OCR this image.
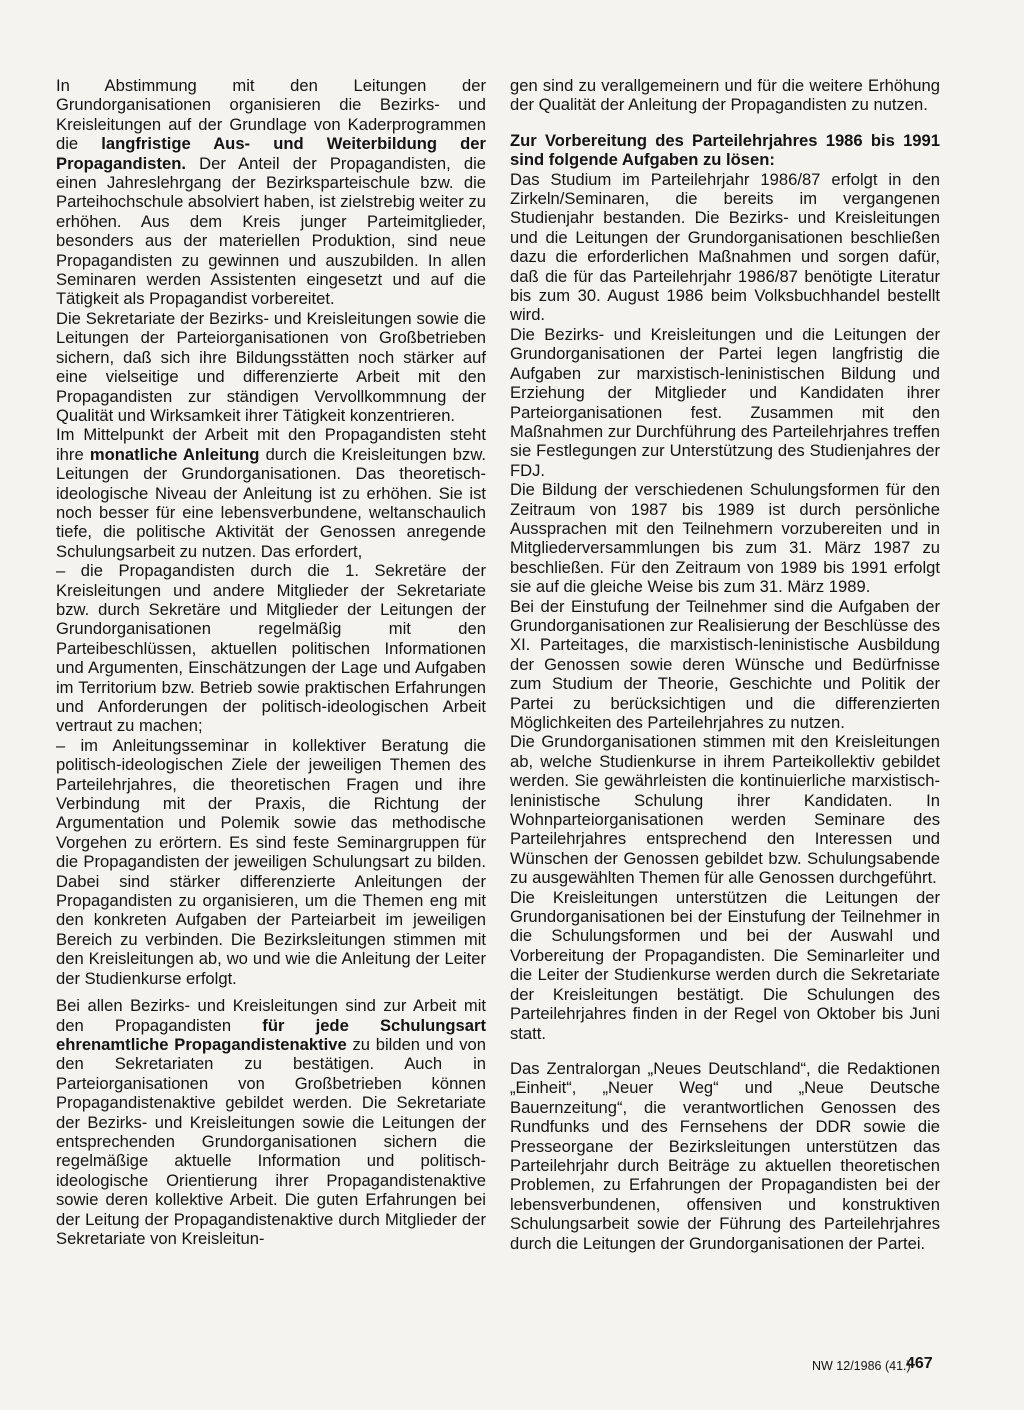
In Abstimmung mit den Leitungen der Grundorganisationen organisieren die Bezirks- und Kreisleitungen auf der Grundlage von Kaderprogrammen die langfristige Aus- und Weiterbildung der Propagandisten. Der Anteil der Propagandisten, die einen Jahreslehrgang der Bezirksparteischule bzw. die Parteihochschule absolviert haben, ist zielstrebig weiter zu erhöhen. Aus dem Kreis junger Parteimitglieder, besonders aus der materiellen Produktion, sind neue Propagandisten zu gewinnen und auszubilden. In allen Seminaren werden Assistenten eingesetzt und auf die Tätigkeit als Propagandist vorbereitet.

Die Sekretariate der Bezirks- und Kreisleitungen sowie die Leitungen der Parteiorganisationen von Großbetrieben sichern, daß sich ihre Bildungsstätten noch stärker auf eine vielseitige und differenzierte Arbeit mit den Propagandisten zur ständigen Vervollkommnung der Qualität und Wirksamkeit ihrer Tätigkeit konzentrieren.

Im Mittelpunkt der Arbeit mit den Propagandisten steht ihre monatliche Anleitung durch die Kreisleitungen bzw. Leitungen der Grundorganisationen. Das theoretisch-ideologische Niveau der Anleitung ist zu erhöhen. Sie ist noch besser für eine lebensverbundene, weltanschaulich tiefe, die politische Aktivität der Genossen anregende Schulungsarbeit zu nutzen. Das erfordert,

– die Propagandisten durch die 1. Sekretäre der Kreisleitungen und andere Mitglieder der Sekretariate bzw. durch Sekretäre und Mitglieder der Leitungen der Grundorganisationen regelmäßig mit den Parteibeschlüssen, aktuellen politischen Informationen und Argumenten, Einschätzungen der Lage und Aufgaben im Territorium bzw. Betrieb sowie praktischen Erfahrungen und Anforderungen der politisch-ideologischen Arbeit vertraut zu machen;

– im Anleitungsseminar in kollektiver Beratung die politisch-ideologischen Ziele der jeweiligen Themen des Parteilehrjahres, die theoretischen Fragen und ihre Verbindung mit der Praxis, die Richtung der Argumentation und Polemik sowie das methodische Vorgehen zu erörtern. Es sind feste Seminargruppen für die Propagandisten der jeweiligen Schulungsart zu bilden. Dabei sind stärker differenzierte Anleitungen der Propagandisten zu organisieren, um die Themen eng mit den konkreten Aufgaben der Parteiarbeit im jeweiligen Bereich zu verbinden. Die Bezirksleitungen stimmen mit den Kreisleitungen ab, wo und wie die Anleitung der Leiter der Studienkurse erfolgt.

Bei allen Bezirks- und Kreisleitungen sind zur Arbeit mit den Propagandisten für jede Schulungsart ehrenamtliche Propagandistenaktive zu bilden und von den Sekretariaten zu bestätigen. Auch in Parteiorganisationen von Großbetrieben können Propagandistenaktive gebildet werden. Die Sekretariate der Bezirks- und Kreisleitungen sowie die Leitungen der entsprechenden Grundorganisationen sichern die regelmäßige aktuelle Information und politisch-ideologische Orientierung ihrer Propagandistenaktive sowie deren kollektive Arbeit. Die guten Erfahrungen bei der Leitung der Propagandistenaktive durch Mitglieder der Sekretariate von Kreisleitun-

gen sind zu verallgemeinern und für die weitere Erhöhung der Qualität der Anleitung der Propagandisten zu nutzen.

Zur Vorbereitung des Parteilehrjahres 1986 bis 1991 sind folgende Aufgaben zu lösen:

Das Studium im Parteilehrjahr 1986/87 erfolgt in den Zirkeln/Seminaren, die bereits im vergangenen Studienjahr bestanden. Die Bezirks- und Kreisleitungen und die Leitungen der Grundorganisationen beschließen dazu die erforderlichen Maßnahmen und sorgen dafür, daß die für das Parteilehrjahr 1986/87 benötigte Literatur bis zum 30. August 1986 beim Volksbuchhandel bestellt wird.

Die Bezirks- und Kreisleitungen und die Leitungen der Grundorganisationen der Partei legen langfristig die Aufgaben zur marxistisch-leninistischen Bildung und Erziehung der Mitglieder und Kandidaten ihrer Parteiorganisationen fest. Zusammen mit den Maßnahmen zur Durchführung des Parteilehrjahres treffen sie Festlegungen zur Unterstützung des Studienjahres der FDJ.

Die Bildung der verschiedenen Schulungsformen für den Zeitraum von 1987 bis 1989 ist durch persönliche Aussprachen mit den Teilnehmern vorzubereiten und in Mitgliederversammlungen bis zum 31. März 1987 zu beschließen. Für den Zeitraum von 1989 bis 1991 erfolgt sie auf die gleiche Weise bis zum 31. März 1989.

Bei der Einstufung der Teilnehmer sind die Aufgaben der Grundorganisationen zur Realisierung der Beschlüsse des XI. Parteitages, die marxistisch-leninistische Ausbildung der Genossen sowie deren Wünsche und Bedürfnisse zum Studium der Theorie, Geschichte und Politik der Partei zu berücksichtigen und die differenzierten Möglichkeiten des Parteilehrjahres zu nutzen.

Die Grundorganisationen stimmen mit den Kreisleitungen ab, welche Studienkurse in ihrem Parteikollektiv gebildet werden. Sie gewährleisten die kontinuierliche marxistisch-leninistische Schulung ihrer Kandidaten. In Wohnparteiorganisationen werden Seminare des Parteilehrjahres entsprechend den Interessen und Wünschen der Genossen gebildet bzw. Schulungsabende zu ausgewählten Themen für alle Genossen durchgeführt.

Die Kreisleitungen unterstützen die Leitungen der Grundorganisationen bei der Einstufung der Teilnehmer in die Schulungsformen und bei der Auswahl und Vorbereitung der Propagandisten. Die Seminarleiter und die Leiter der Studienkurse werden durch die Sekretariate der Kreisleitungen bestätigt. Die Schulungen des Parteilehrjahres finden in der Regel von Oktober bis Juni statt.

Das Zentralorgan „Neues Deutschland“, die Redaktionen „Einheit“, „Neuer Weg“ und „Neue Deutsche Bauernzeitung“, die verantwortlichen Genossen des Rundfunks und des Fernsehens der DDR sowie die Presseorgane der Bezirksleitungen unterstützen das Parteilehrjahr durch Beiträge zu aktuellen theoretischen Problemen, zu Erfahrungen der Propagandisten bei der lebensverbundenen, offensiven und konstruktiven Schulungsarbeit sowie der Führung des Parteilehrjahres durch die Leitungen der Grundorganisationen der Partei.

NW 12/1986 (41.)
467
